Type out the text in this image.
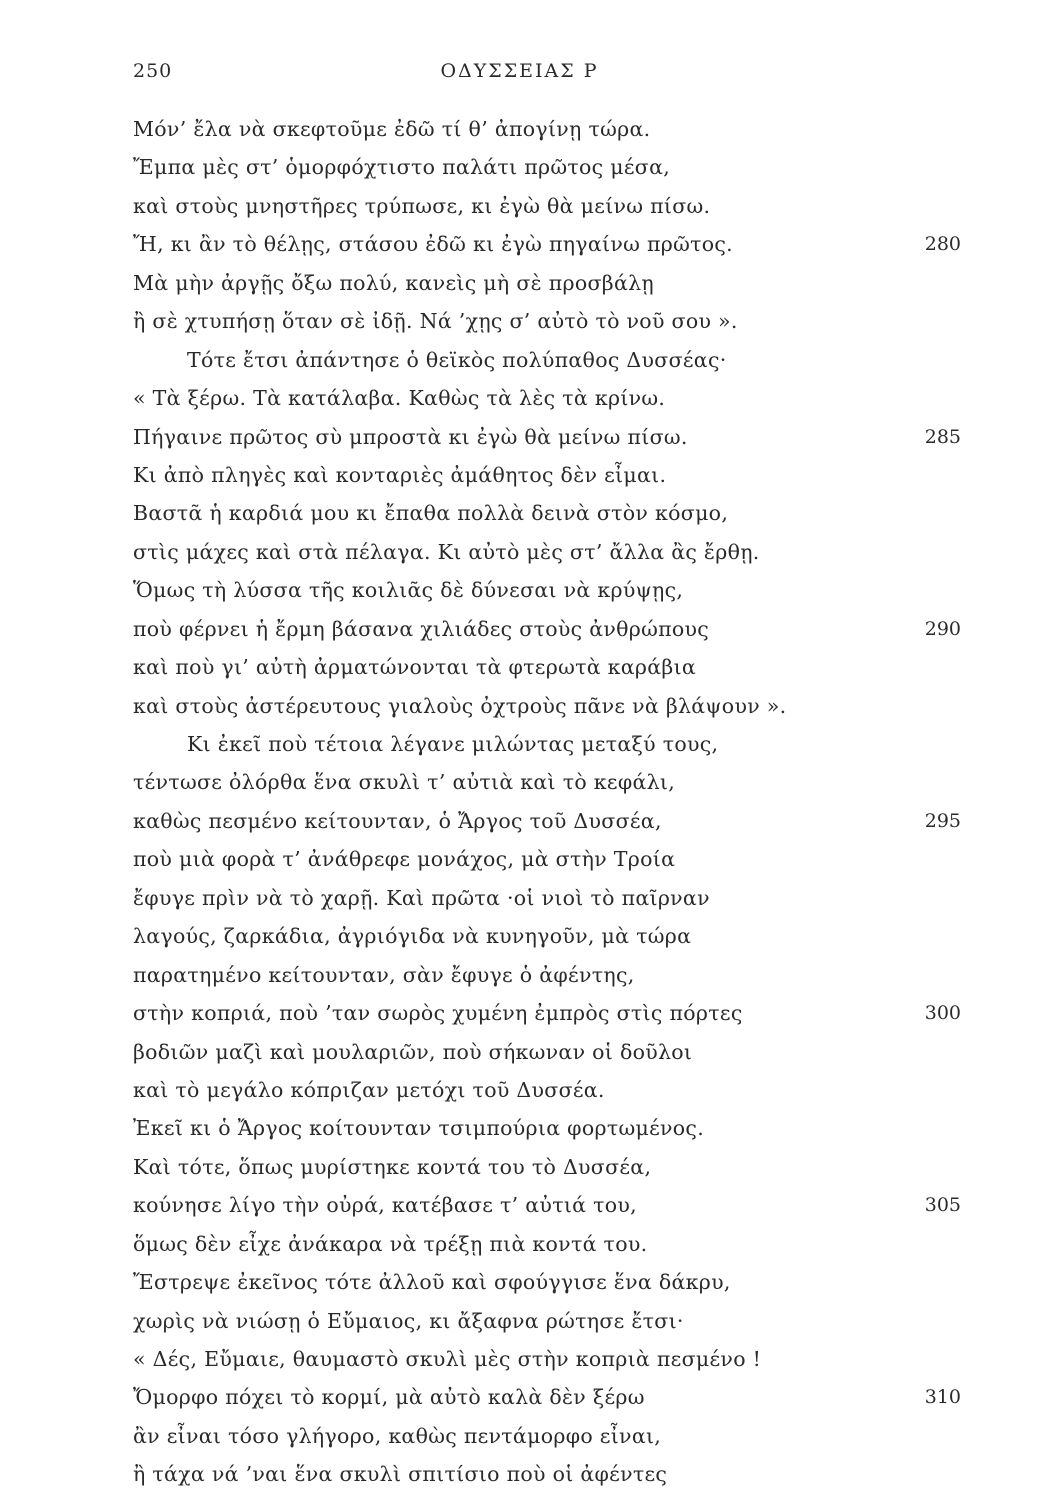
250	ΟΔΥΣΣΕΙΑΣ Ρ
Μόν’ ἔλα νὰ σκεφτοῦμε ἐδῶ τί θ’ ἀπογίνῃ τώρα.
Ἔμπα μὲς στ’ ὁμορφόχτιστο παλάτι πρῶτος μέσα,
καὶ στοὺς μνηστῆρες τρύπωσε, κι ἐγὼ θὰ μείνω πίσω.
Ἤ, κι ἂν τὸ θέλῃς, στάσου ἐδῶ κι ἐγὼ πηγαίνω πρῶτος.	280
Μὰ μὴν ἀργῇς ὄξω πολύ, κανεὶς μὴ σὲ προσβάλῃ
ἢ σὲ χτυπήσῃ ὅταν σὲ ἰδῇ. Νά ’χῃς σ’ αὐτὸ τὸ νοῦ σου ».
Τότε ἔτσι ἀπάντησε ὁ θεϊκὸς πολύπαθος Δυσσέας·
« Τὰ ξέρω. Τὰ κατάλαβα. Καθὼς τὰ λὲς τὰ κρίνω.
Πήγαινε πρῶτος σὺ μπροστὰ κι ἐγὼ θὰ μείνω πίσω.	285
Κι ἀπὸ πληγὲς καὶ κονταριὲς ἀμάθητος δὲν εἶμαι.
Βαστᾶ ἡ καρδιά μου κι ἔπαθα πολλὰ δεινὰ στὸν κόσμο,
στὶς μάχες καὶ στὰ πέλαγα. Κι αὐτὸ μὲς στ’ ἄλλα ἂς ἔρθῃ.
Ὅμως τὴ λύσσα τῆς κοιλιᾶς δὲ δύνεσαι νὰ κρύψῃς,
ποὺ φέρνει ἡ ἔρμη βάσανα χιλιάδες στοὺς ἀνθρώπους	290
καὶ ποὺ γι’ αὐτὴ ἀρματώνονται τὰ φτερωτὰ καράβια
καὶ στοὺς ἀστέρευτους γιαλοὺς ὀχτροὺς πᾶνε νὰ βλάψουν ».
Κι ἐκεῖ ποὺ τέτοια λέγανε μιλώντας μεταξύ τους,
τέντωσε ὀλόρθα ἕνα σκυλὶ τ’ αὐτιὰ καὶ τὸ κεφάλι,
καθὼς πεσμένο κείτουνταν, ὁ Ἄργος τοῦ Δυσσέα,	295
ποὺ μιὰ φορὰ τ’ ἀνάθρεφε μονάχος, μὰ στὴν Τροία
ἔφυγε πρὶν νὰ τὸ χαρῇ. Καὶ πρῶτα ·οἱ νιοὶ τὸ παῖρναν
λαγούς, ζαρκάδια, ἀγριόγιδα νὰ κυνηγοῦν, μὰ τώρα
παρατημένο κείτουνταν, σὰν ἔφυγε ὁ ἀφέντης,
στὴν κοπριά, ποὺ ’ταν σωρὸς χυμένη ἐμπρὸς στὶς πόρτες	300
βοδιῶν μαζὶ καὶ μουλαριῶν, ποὺ σήκωναν οἱ δοῦλοι
καὶ τὸ μεγάλο κόπριζαν μετόχι τοῦ Δυσσέα.
Ἐκεῖ κι ὁ Ἄργος κοίτουνταν τσιμπούρια φορτωμένος.
Καὶ τότε, ὅπως μυρίστηκε κοντά του τὸ Δυσσέα,
κούνησε λίγο τὴν οὐρά, κατέβασε τ’ αὐτιά του,	305
ὅμως δὲν εἶχε ἀνάκαρα νὰ τρέξῃ πιὰ κοντά του.
Ἔστρεψε ἐκεῖνος τότε ἀλλοῦ καὶ σφούγγισε ἕνα δάκρυ,
χωρὶς νὰ νιώσῃ ὁ Εὔμαιος, κι ἄξαφνα ρώτησε ἔτσι·
« Δές, Εὔμαιε, θαυμαστὸ σκυλὶ μὲς στὴν κοπριὰ πεσμένο !
Ὄμορφο πόχει τὸ κορμί, μὰ αὐτὸ καλὰ δὲν ξέρω	310
ἂν εἶναι τόσο γλήγορο, καθὼς πεντάμορφο εἶναι,
ἢ τάχα νά ’ναι ἕνα σκυλὶ σπιτίσιο ποὺ οἱ ἀφέντες
